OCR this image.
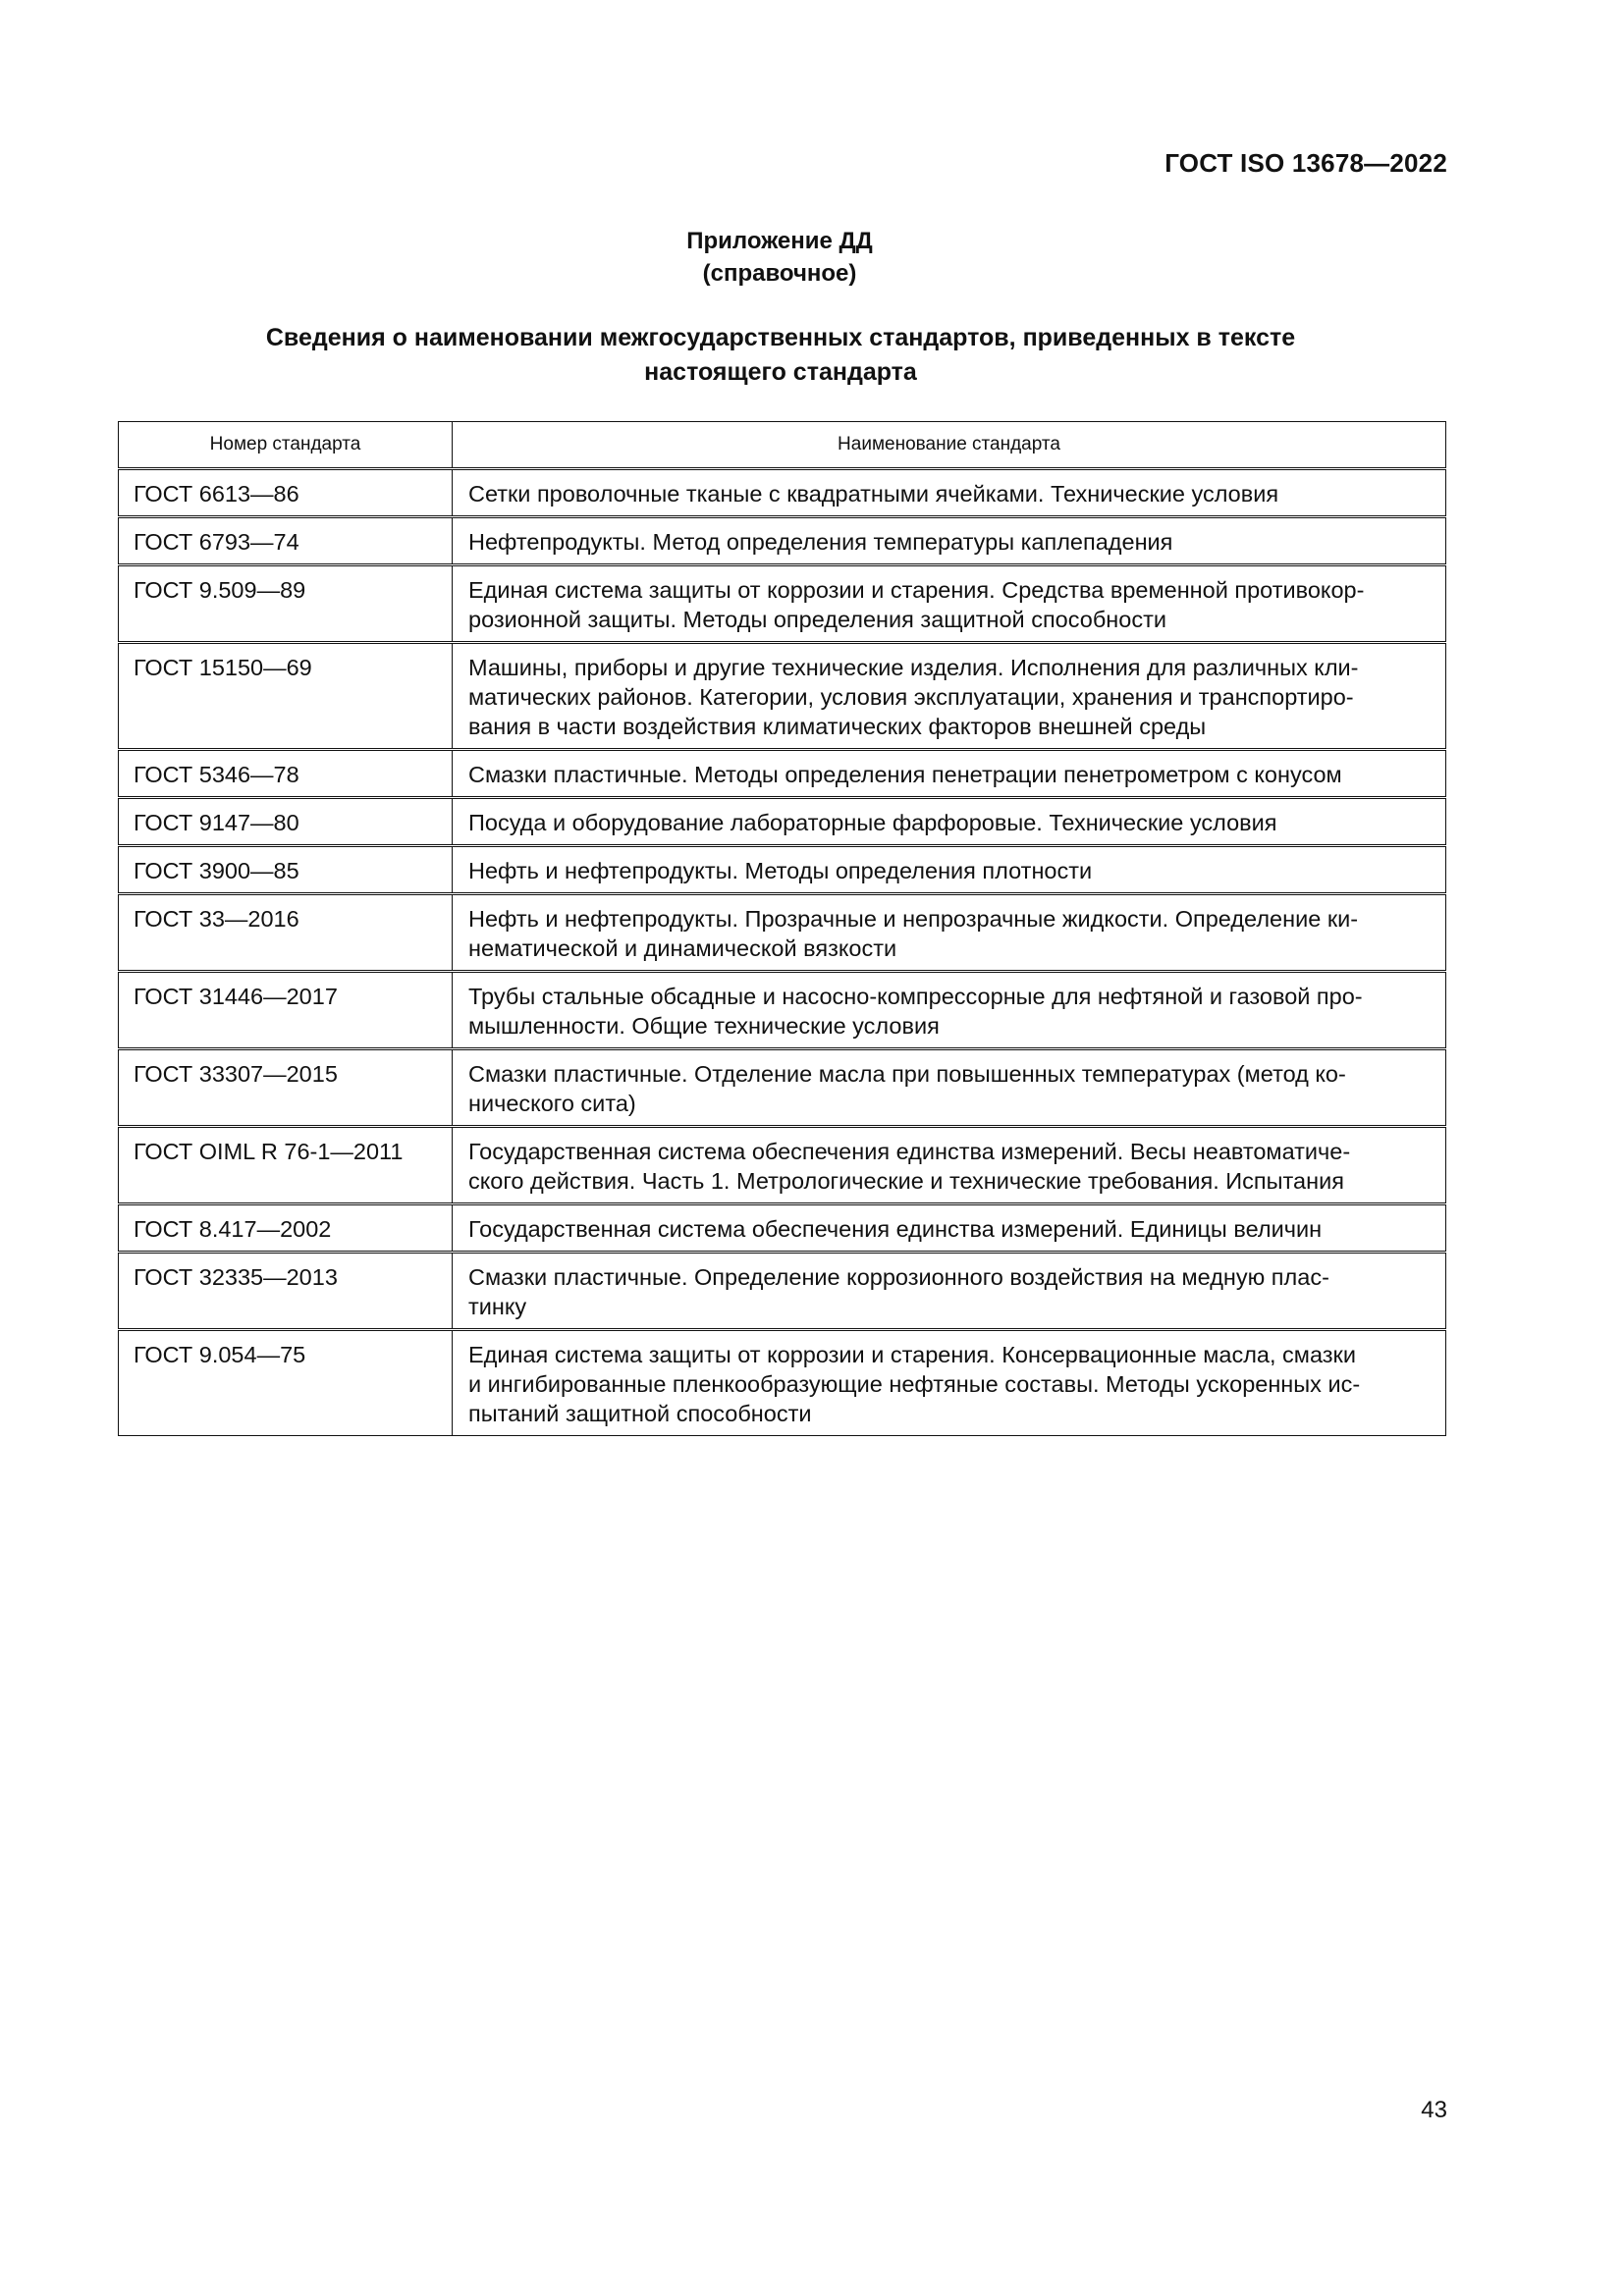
ГОСТ ISO 13678—2022
Приложение ДД
(справочное)
Сведения о наименовании межгосударственных стандартов, приведенных в тексте
настоящего стандарта
Номер стандарта	Наименование стандарта
ГОСТ 6613—86	Сетки проволочные тканые с квадратными ячейками. Технические условия

ГОСТ 6793—74	Нефтепродукты. Метод определения температуры каплепадения

ГОСТ 9.509—89	Единая система защиты от коррозии и старения. Средства временной противокор-
розионной защиты. Методы определения защитной способности

ГОСТ 15150—69	Машины, приборы и другие технические изделия. Исполнения для различных кли-
матических районов. Категории, условия эксплуатации, хранения и транспортиро-
вания в части воздействия климатических факторов внешней среды

ГОСТ 5346—78	Смазки пластичные. Методы определения пенетрации пенетрометром с конусом

ГОСТ 9147—80	Посуда и оборудование лабораторные фарфоровые. Технические условия

ГОСТ 3900—85	Нефть и нефтепродукты. Методы определения плотности

ГОСТ 33—2016	Нефть и нефтепродукты. Прозрачные и непрозрачные жидкости. Определение ки-
нематической и динамической вязкости

ГОСТ 31446—2017	Трубы стальные обсадные и насосно-компрессорные для нефтяной и газовой про-
мышленности. Общие технические условия

ГОСТ 33307—2015	Смазки пластичные. Отделение масла при повышенных температурах (метод ко-
нического сита)

ГОСТ OIML R 76-1—2011	Государственная система обеспечения единства измерений. Весы неавтоматиче-
ского действия. Часть 1. Метрологические и технические требования. Испытания

ГОСТ 8.417—2002	Государственная система обеспечения единства измерений. Единицы величин

ГОСТ 32335—2013	Смазки пластичные. Определение коррозионного воздействия на медную плас-
тинку

ГОСТ 9.054—75	Единая система защиты от коррозии и старения. Консервационные масла, смазки
и ингибированные пленкообразующие нефтяные составы. Методы ускоренных ис-
пытаний защитной способности
43
